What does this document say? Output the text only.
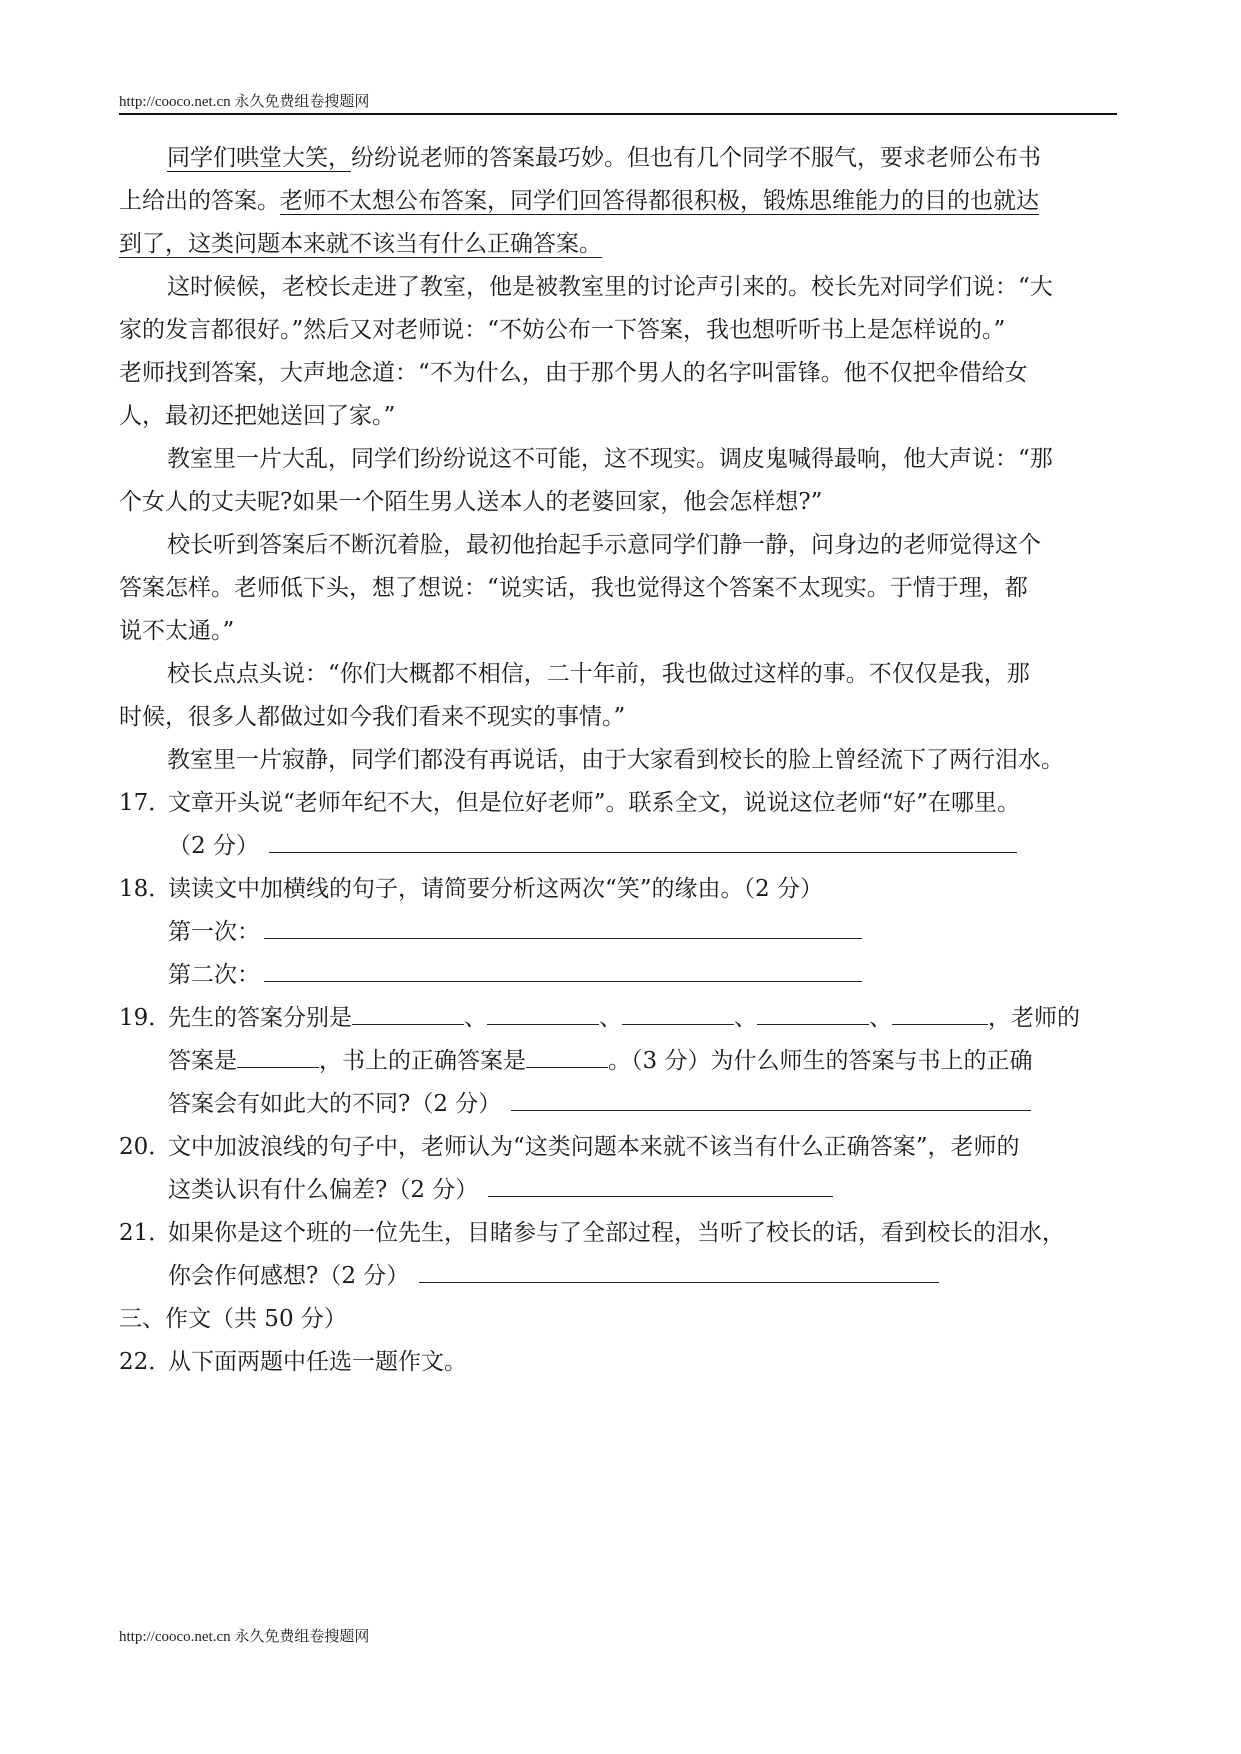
http://cooco.net.cn 永久免费组卷搜题网
同学们哄堂大笑，纷纷说老师的答案最巧妙。但也有几个同学不服气，要求老师公布书
上给出的答案。老师不太想公布答案，同学们回答得都很积极，锻炼思维能力的目的也就达
到了，这类问题本来就不该当有什么正确答案。
这时候候，老校长走进了教室，他是被教室里的讨论声引来的。校长先对同学们说：“大
家的发言都很好。”然后又对老师说：“不妨公布一下答案，我也想听听书上是怎样说的。”
老师找到答案，大声地念道：“不为什么，由于那个男人的名字叫雷锋。他不仅把伞借给女
人，最初还把她送回了家。”
教室里一片大乱，同学们纷纷说这不可能，这不现实。调皮鬼喊得最响，他大声说：“那
个女人的丈夫呢?如果一个陌生男人送本人的老婆回家，他会怎样想?”
校长听到答案后不断沉着脸，最初他抬起手示意同学们静一静，问身边的老师觉得这个
答案怎样。老师低下头，想了想说：“说实话，我也觉得这个答案不太现实。于情于理，都
说不太通。”
校长点点头说：“你们大概都不相信，二十年前，我也做过这样的事。不仅仅是我，那
时候，很多人都做过如今我们看来不现实的事情。”
教室里一片寂静，同学们都没有再说话，由于大家看到校长的脸上曾经流下了两行泪水。
17．
文章开头说“老师年纪不大，但是位好老师”。联系全文，说说这位老师“好”在哪里。
（2 分）
18．
读读文中加横线的句子，请简要分析这两次“笑”的缘由。（2 分）
第一次：
第二次：
19．
先生的答案分别是	、	、	、	、	，老师的
答案是	，书上的正确答案是	。（3 分）为什么师生的答案与书上的正确
答案会有如此大的不同?（2 分）
20．
文中加波浪线的句子中，老师认为“这类问题本来就不该当有什么正确答案”，老师的
这类认识有什么偏差?（2 分）
21．
如果你是这个班的一位先生，目睹参与了全部过程，当听了校长的话，看到校长的泪水，
你会作何感想?（2 分）
三、作文（共 50 分）
22．
从下面两题中任选一题作文。
http://cooco.net.cn 永久免费组卷搜题网
